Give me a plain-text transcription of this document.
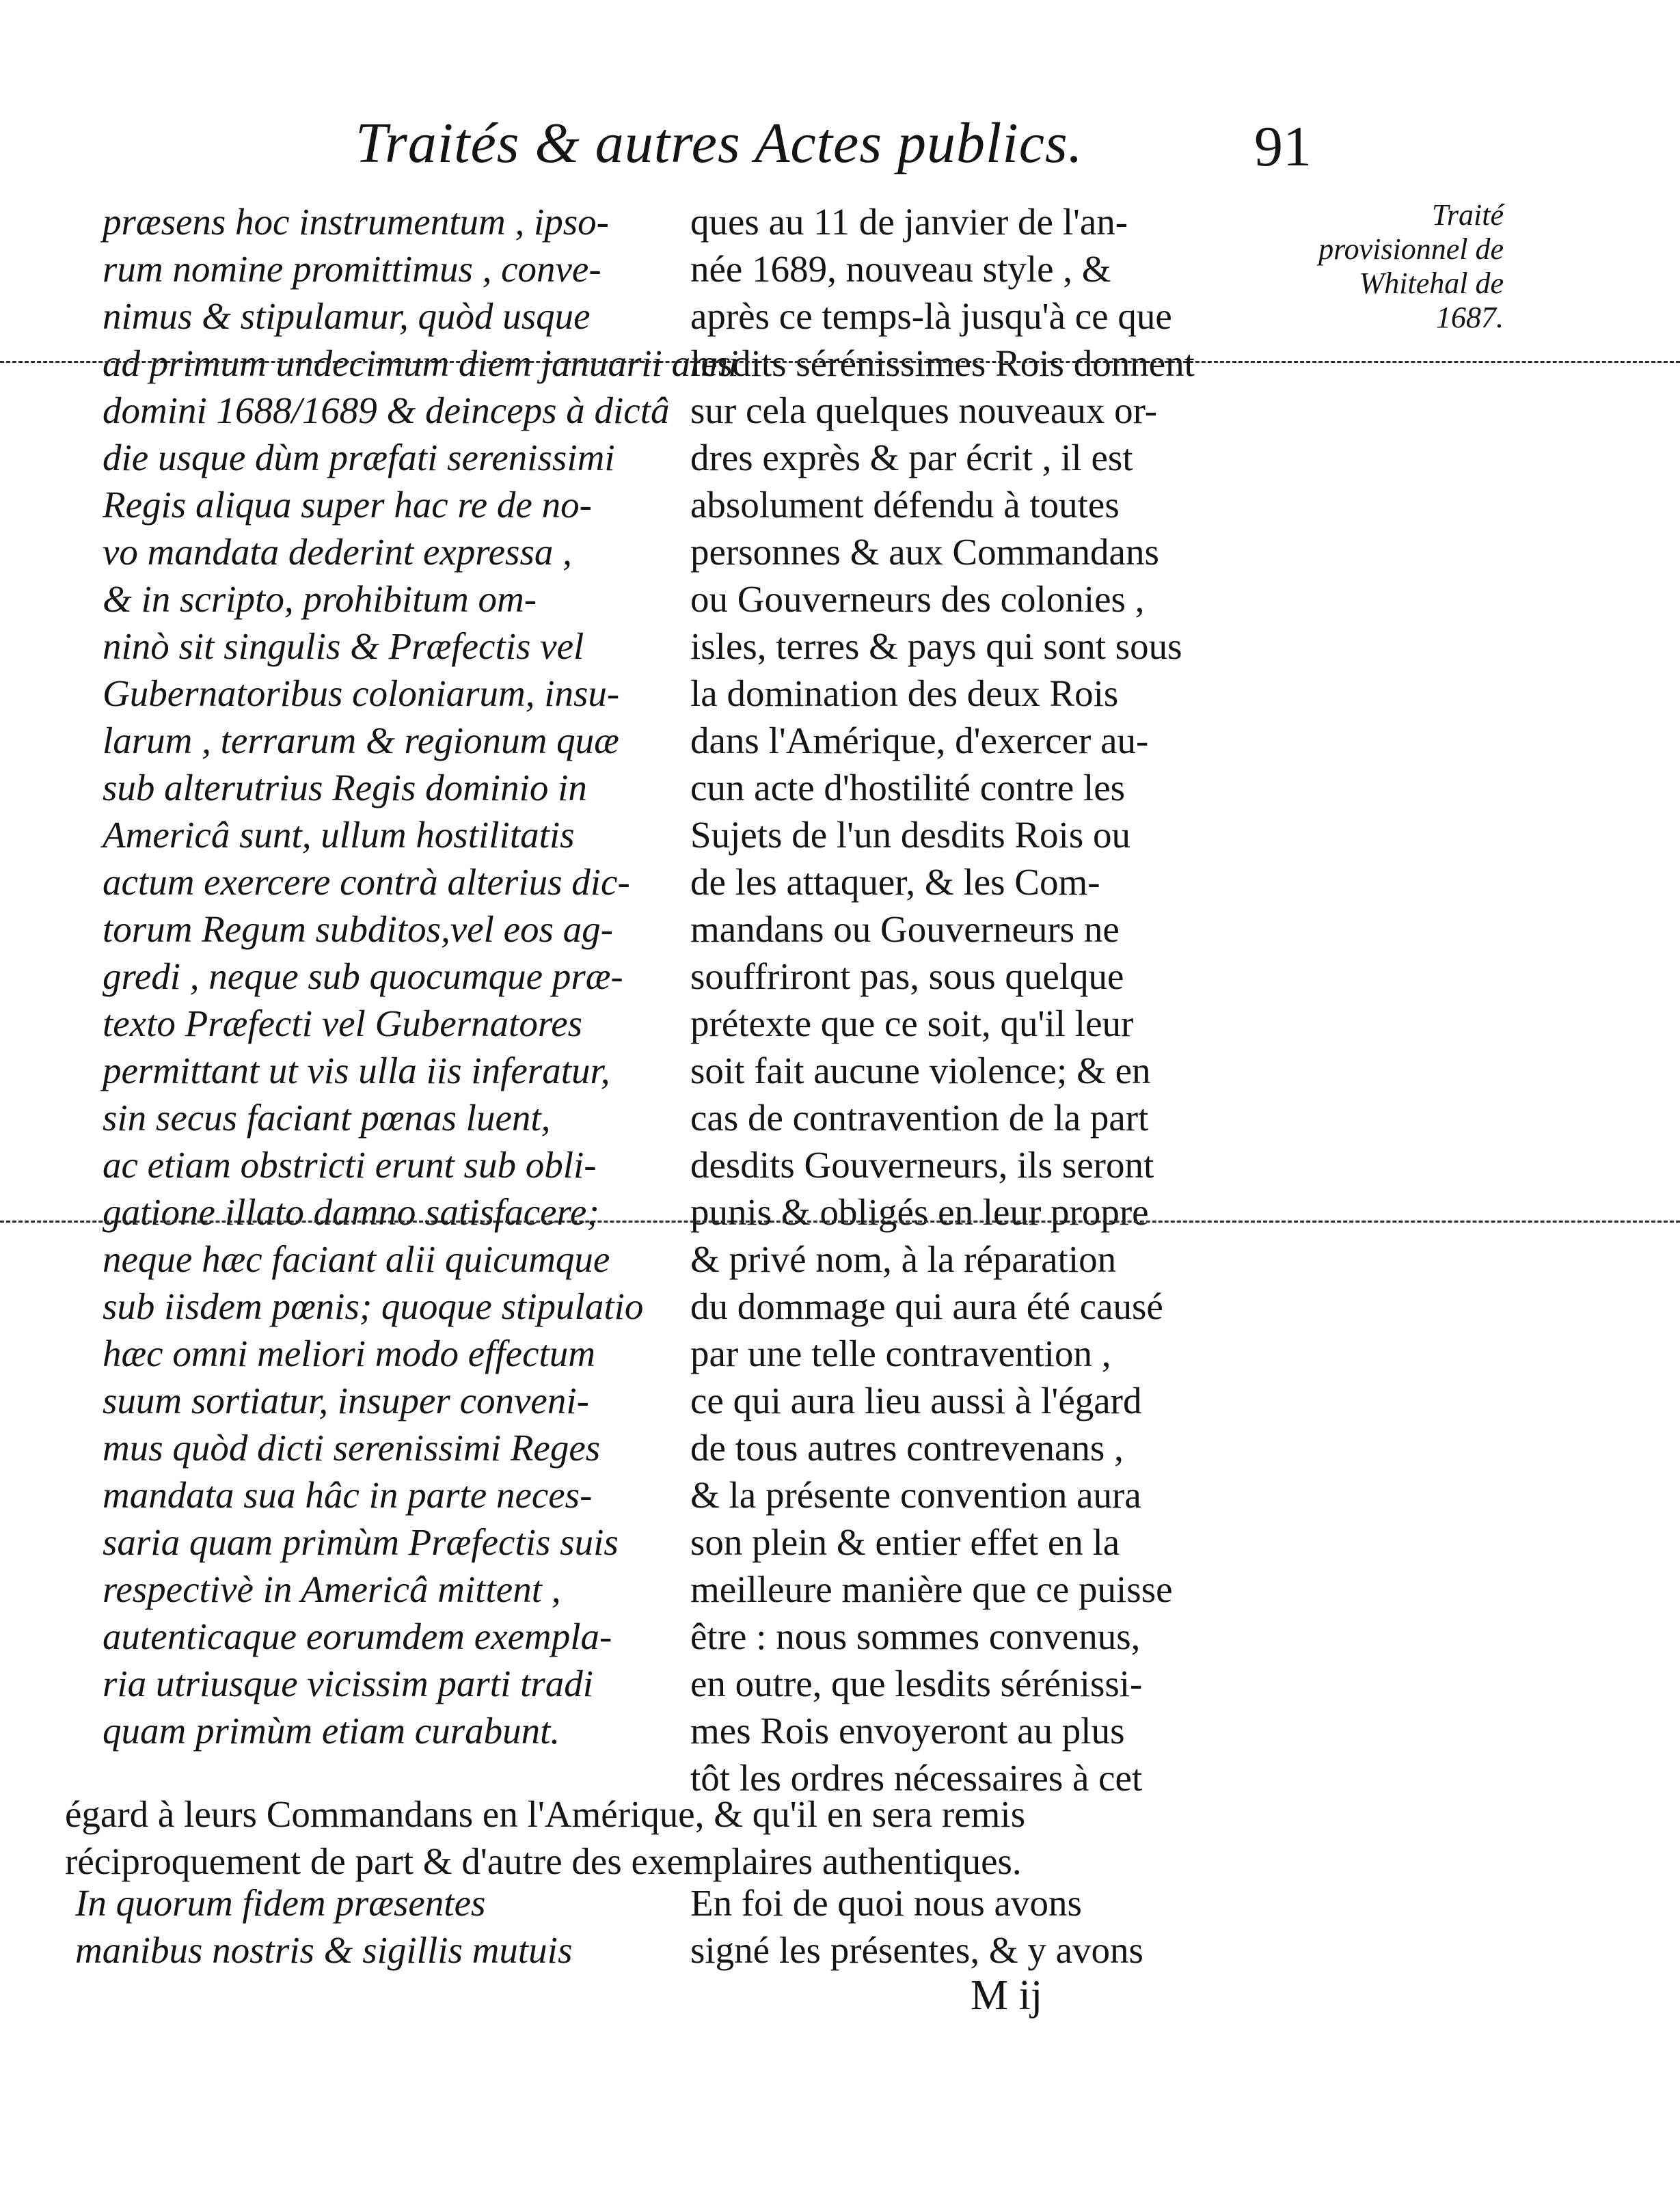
Traités & autres Actes publics.	91
Traité
provisionnel de
Whitehal de
1687.
præsens hoc instrumentum , ipso-
rum nomine promittimus , conve-
nimus & stipulamur, quòd usque
ad primum undecimum diem januarii anni
domini 1688/1689 & deinceps à dictâ
die usque dùm præfati serenissimi
Regis aliqua super hac re de no-
vo mandata dederint expressa ,
& in scripto, prohibitum om-
ninò sit singulis & Præfectis vel
Gubernatoribus coloniarum, insu-
larum , terrarum & regionum quæ
sub alterutrius Regis dominio in
Americâ sunt, ullum hostilitatis
actum exercere contrà alterius dic-
torum Regum subditos,vel eos ag-
gredi , neque sub quocumque præ-
texto Præfecti vel Gubernatores
permittant ut vis ulla iis inferatur,
sin secus faciant pœnas luent,
ac etiam obstricti erunt sub obli-
gatione illato damno satisfacere;
neque hæc faciant alii quicumque
sub iisdem pœnis; quoque stipulatio
hæc omni meliori modo effectum
suum sortiatur, insuper conveni-
mus quòd dicti serenissimi Reges
mandata sua hâc in parte neces-
saria quam primùm Præfectis suis
respectivè in Americâ mittent ,
autenticaque eorumdem exempla-
ria utriusque vicissim parti tradi
quam primùm etiam curabunt.
ques au 11 de janvier de l'an-
née 1689, nouveau style , &
après ce temps-là jusqu'à ce que
lesdits sérénissimes Rois donnent
sur cela quelques nouveaux or-
dres exprès & par écrit , il est
absolument défendu à toutes
personnes & aux Commandans
ou Gouverneurs des colonies ,
isles, terres & pays qui sont sous
la domination des deux Rois
dans l'Amérique, d'exercer au-
cun acte d'hostilité contre les
Sujets de l'un desdits Rois ou
de les attaquer, & les Com-
mandans ou Gouverneurs ne
souffriront pas, sous quelque
prétexte que ce soit, qu'il leur
soit fait aucune violence; & en
cas de contravention de la part
desdits Gouverneurs, ils seront
punis & obligés en leur propre
& privé nom, à la réparation
du dommage qui aura été causé
par une telle contravention ,
ce qui aura lieu aussi à l'égard
de tous autres contrevenans ,
& la présente convention aura
son plein & entier effet en la
meilleure manière que ce puisse
être : nous sommes convenus,
en outre, que lesdits sérénissi-
mes Rois envoyeront au plus
tôt les ordres nécessaires à cet
égard à leurs Commandans en l'Amérique, & qu'il en sera remis
réciproquement de part & d'autre des exemplaires authentiques.
In quorum fidem præsentes
manibus nostris & sigillis mutuis
En foi de quoi nous avons
signé les présentes, & y avons
M ij
